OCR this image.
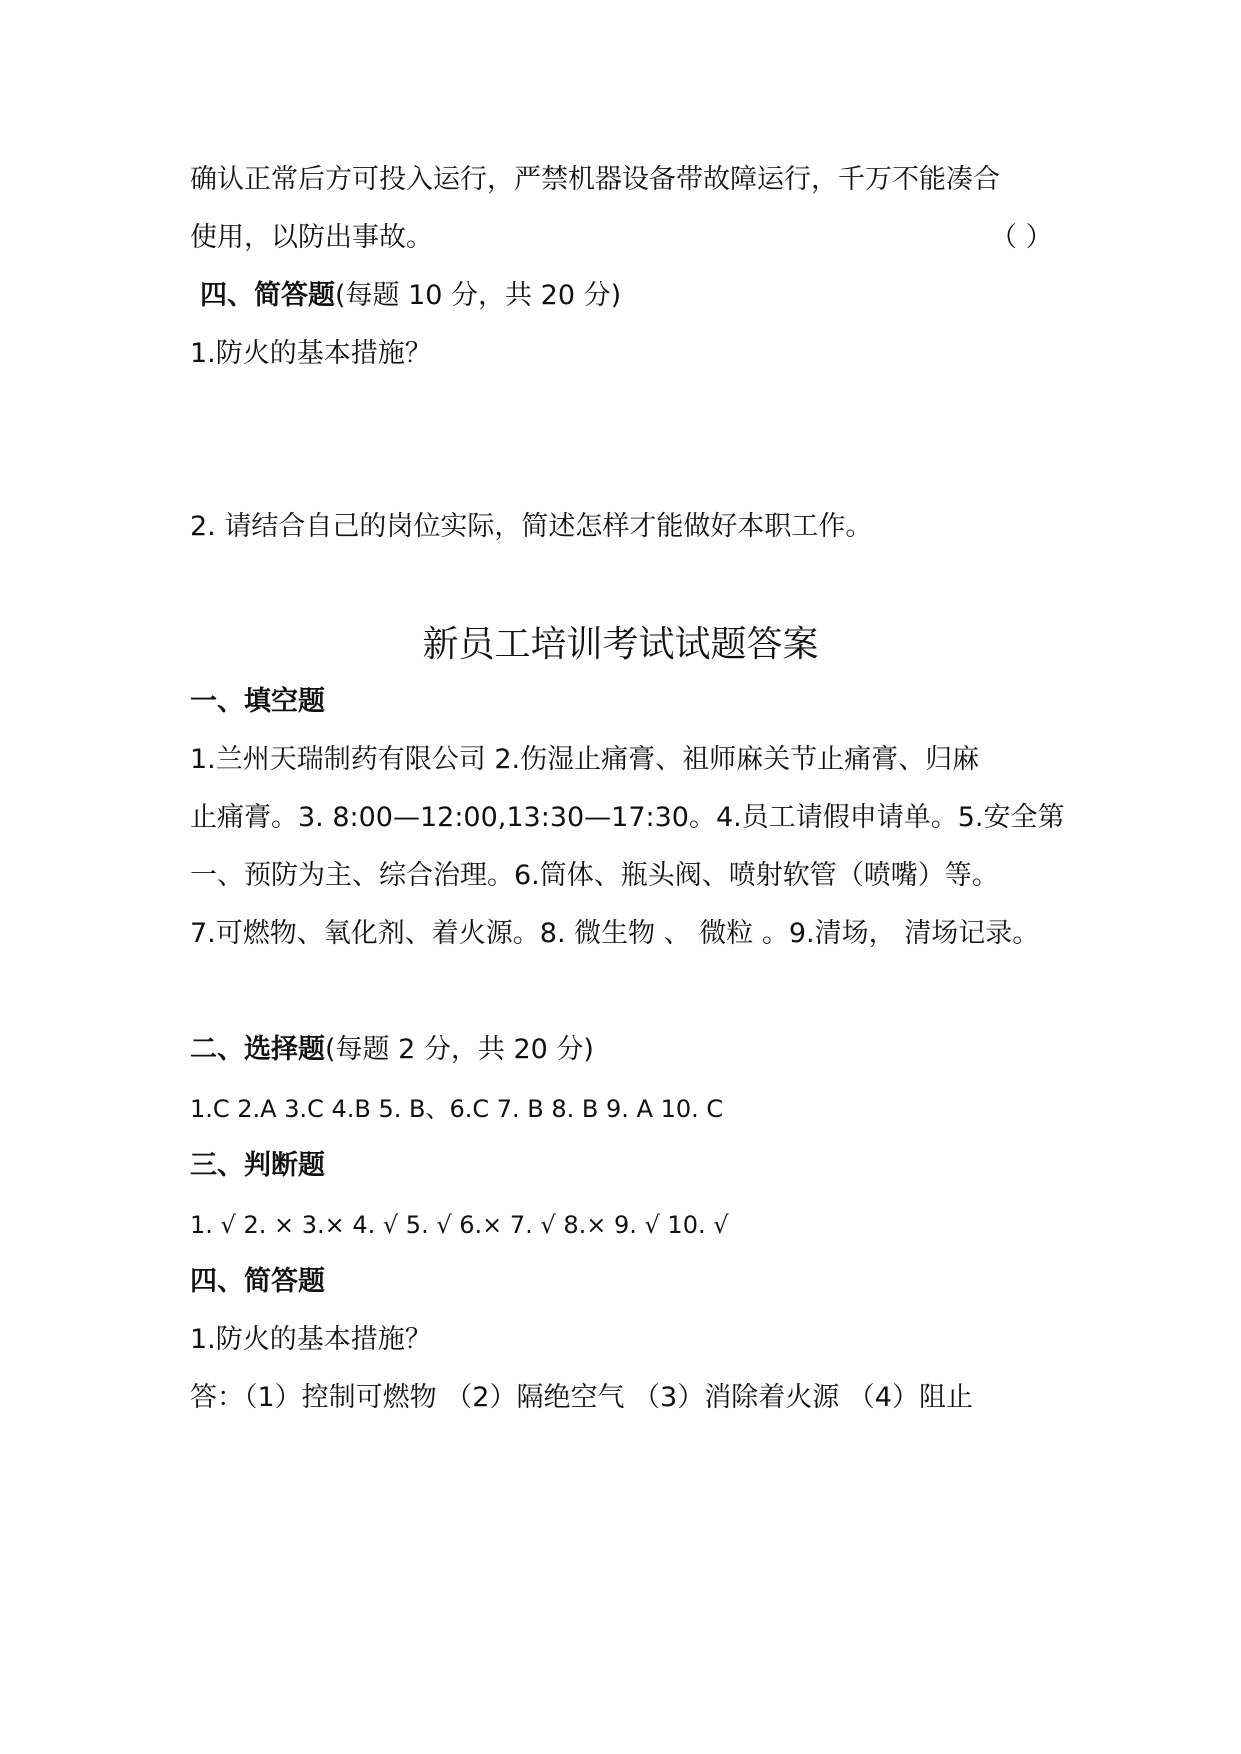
确认正常后方可投入运行，严禁机器设备带故障运行，千万不能凑合
使用，以防出事故。	（ ）
四、简答题(每题 10 分，共 20 分)
1.防火的基本措施？
2. 请结合自己的岗位实际，简述怎样才能做好本职工作。
新员工培训考试试题答案
一、填空题
1.兰州天瑞制药有限公司 2.伤湿止痛膏、祖师麻关节止痛膏、归麻
止痛膏。3. 8:00—12:00,13:30—17:30。4.员工请假申请单。5.安全第
一、预防为主、综合治理。6.筒体、瓶头阀、喷射软管（喷嘴）等。
7.可燃物、氧化剂、着火源。8. 微生物 、 微粒 。9.清场， 清场记录。
二、选择题(每题 2 分，共 20 分)
1.C 2.A 3.C 4.B 5. B、6.C 7. B 8. B 9. A 10. C
三、判断题
1. √ 2. × 3.× 4. √ 5. √ 6.× 7. √ 8.× 9. √ 10. √
四、简答题
1.防火的基本措施？
答：（1）控制可燃物 （2）隔绝空气 （3）消除着火源 （4）阻止
